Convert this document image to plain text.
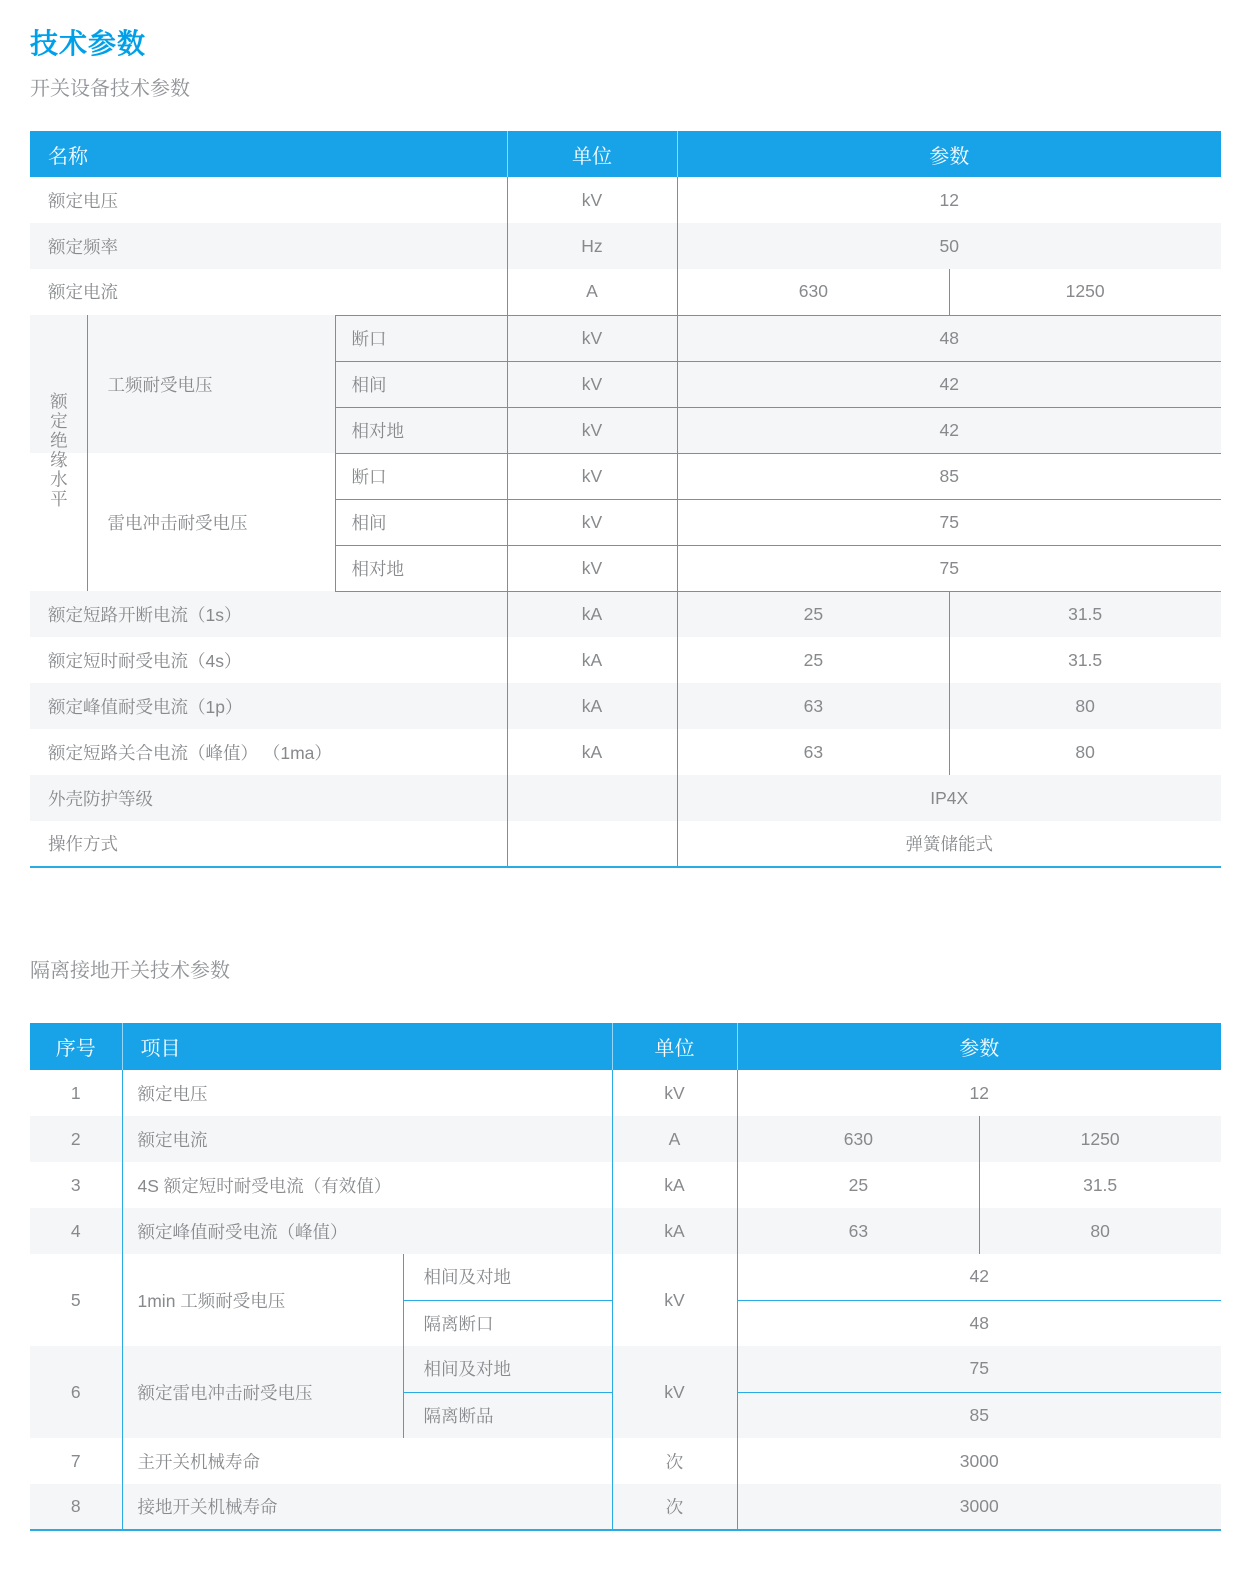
技术参数

开关设备技术参数

名称			单位	参数
额定电压			kV	12
额定频率			Hz	50
额定电流			A	630 1250
额定绝缘水平	工频耐受电压	断口	kV	48
		相间	kV	42
		相对地	kV	42
	雷电冲击耐受电压	断口	kV	85
		相间	kV	75
		相对地	kV	75
额定短路开断电流（1s）			kA	25 31.5
额定短时耐受电流（4s）			kA	25 31.5
额定峰值耐受电流（1p）			kA	63 80
额定短路关合电流（峰值） （1ma）			kA	63 80
外壳防护等级				IP4X
操作方式				弹簧储能式

隔离接地开关技术参数

序号	项目		单位	参数
1	额定电压		kV	12
2	额定电流		A	630 1250
3	4S 额定短时耐受电流（有效值）		kA	25 31.5
4	额定峰值耐受电流（峰值）		kA	63 80
5	1min 工频耐受电压	相间及对地	kV	42
		隔离断口		48
6	额定雷电冲击耐受电压	相间及对地	kV	75
		隔离断品		85
7	主开关机械寿命		次	3000
8	接地开关机械寿命		次	3000
